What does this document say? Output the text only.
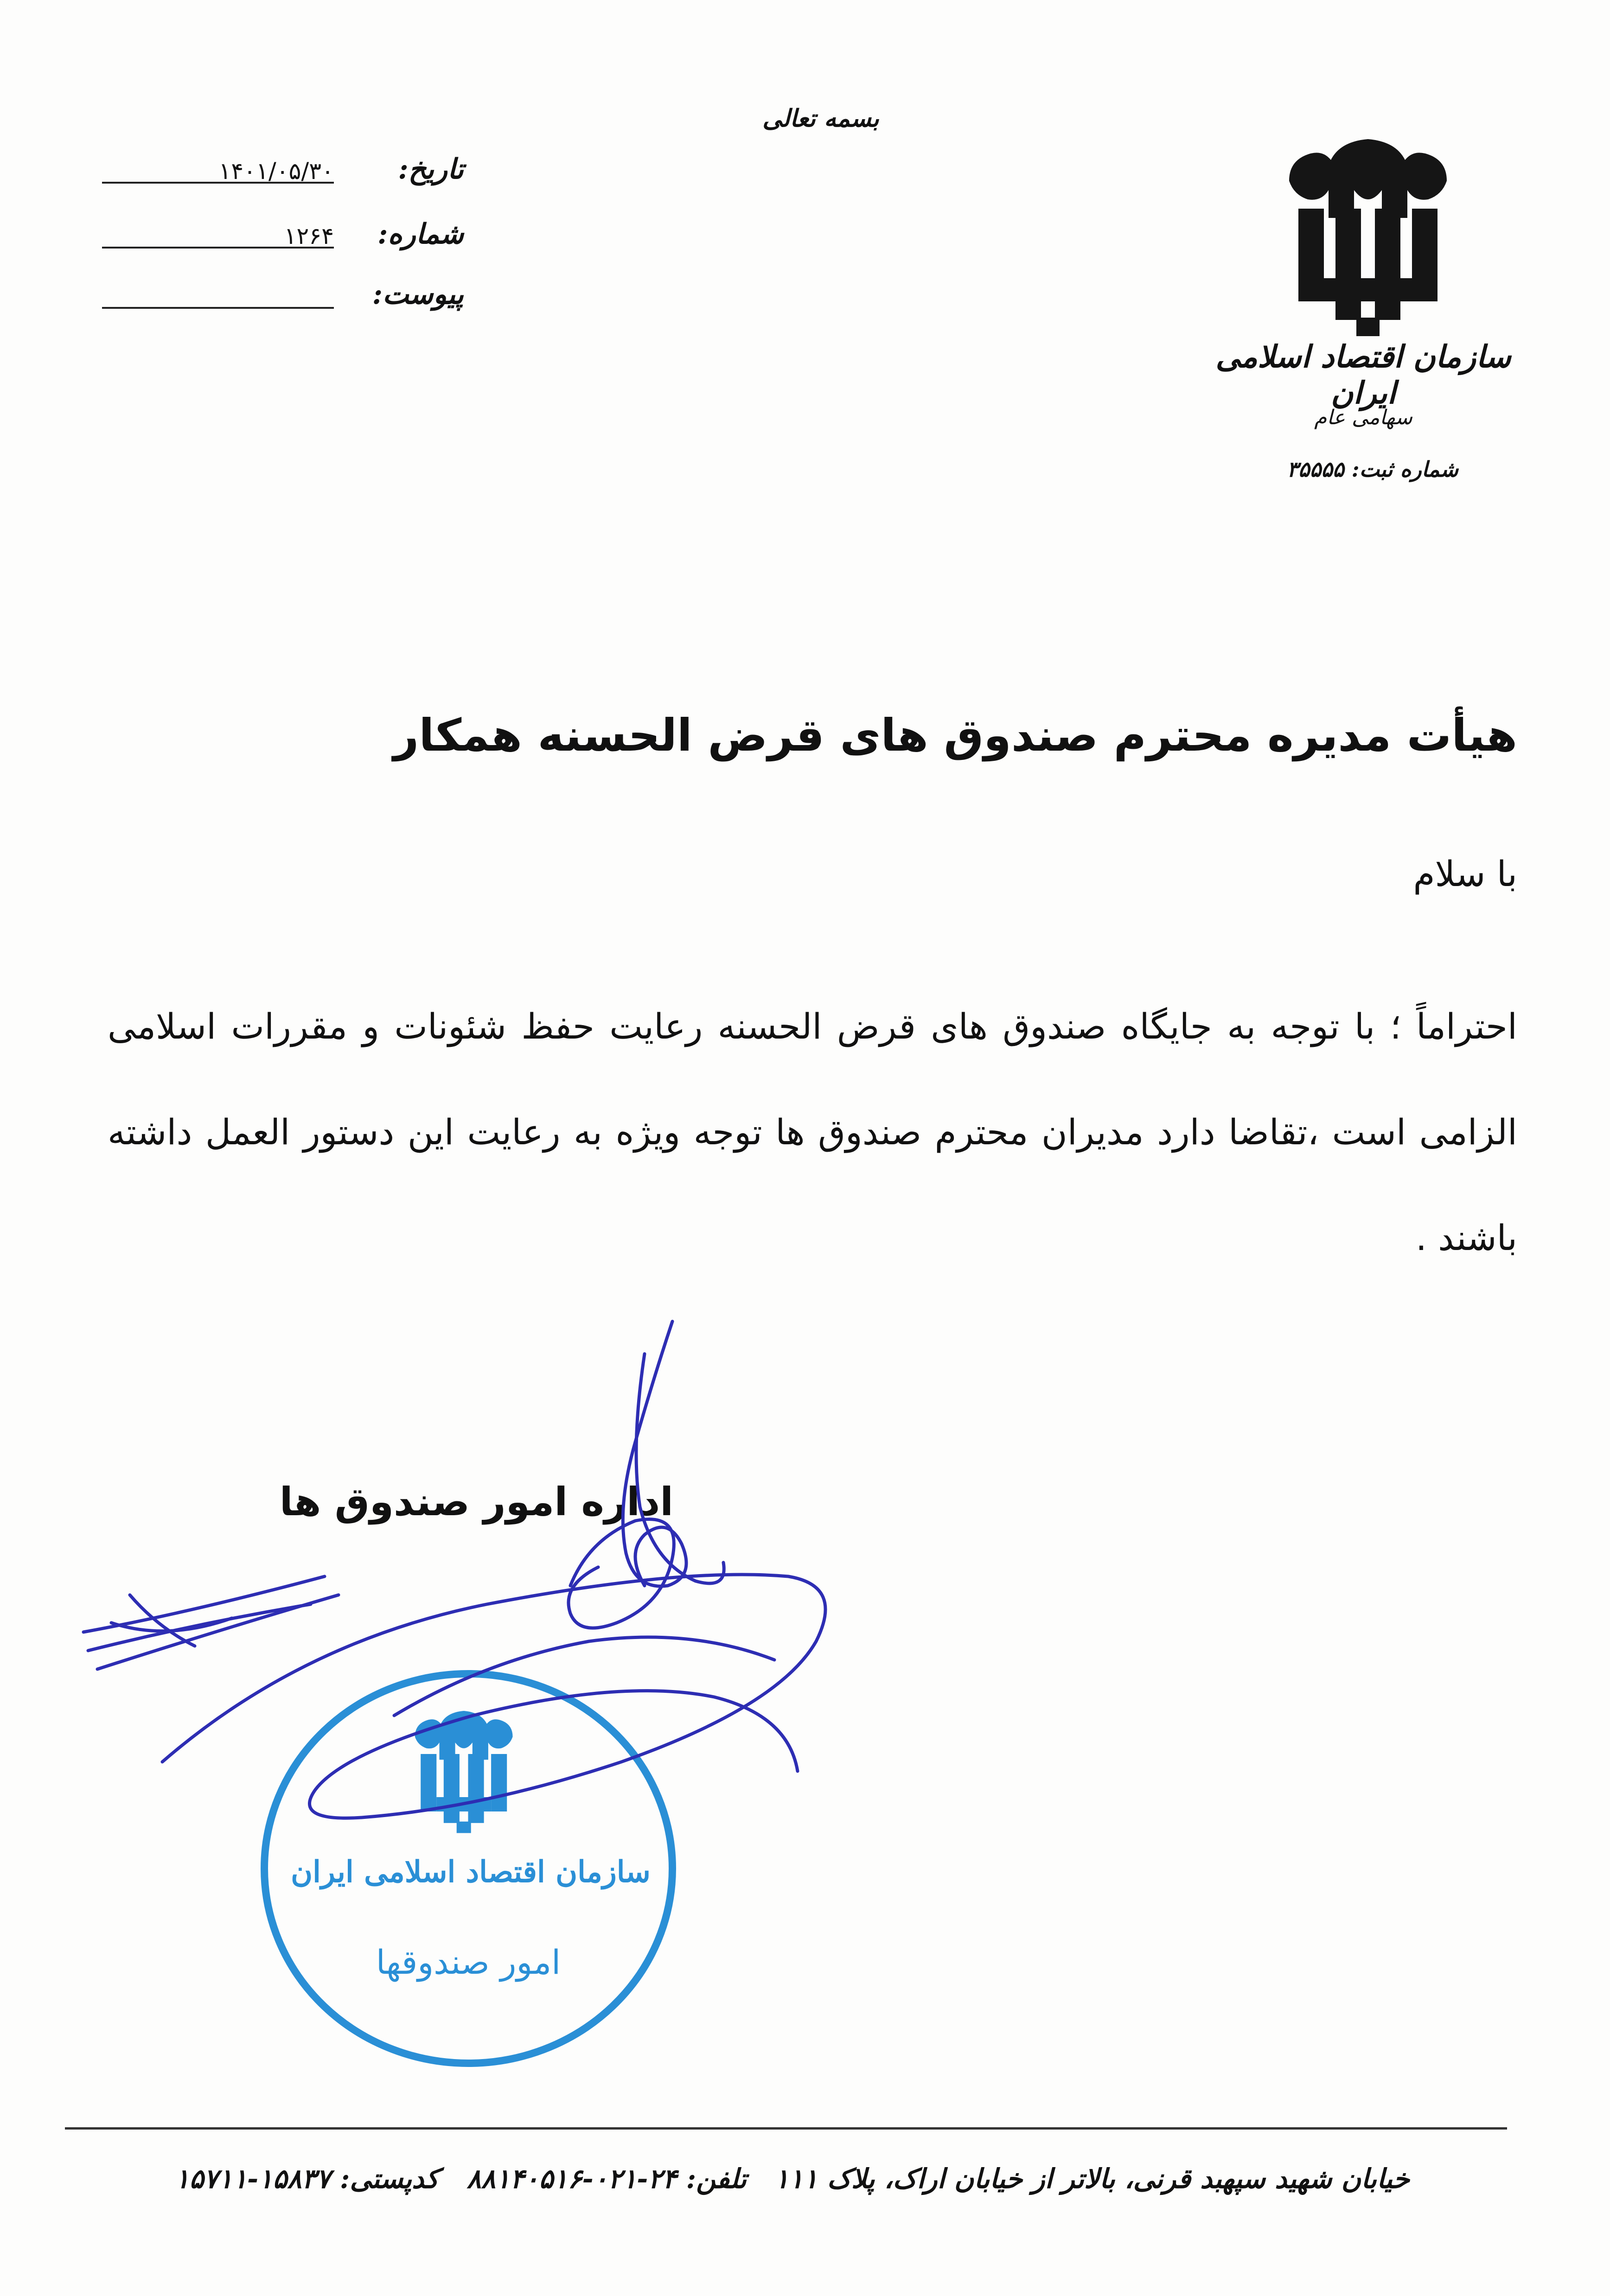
بسمه تعالی
۱۴۰۱/۰۵/۳۰ تاریخ:
۱۲۶۴ شماره:
پیوست:
سازمان اقتصاد اسلامی ایران
سهامی عام
شماره ثبت: ۳۵۵۵۵
هیأت مدیره محترم صندوق های قرض الحسنه همکار
با سلام
احتراماً ؛ با توجه به جایگاه صندوق های قرض الحسنه رعایت حفظ شئونات و مقررات اسلامی الزامی است ،تقاضا دارد مدیران محترم صندوق ها توجه ویژه به رعایت این دستور العمل داشته باشند .
اداره امور صندوق ها
سازمان اقتصاد اسلامی ایران
امور صندوقها
خیابان شهید سپهبد قرنی، بالاتر از خیابان اراک، پلاک ۱۱۱ تلفن: ۲۴-۰۲۱-۸۸۱۴۰۵۱۶ کدپستی: ۱۵۸۳۷-۱۵۷۱۱
